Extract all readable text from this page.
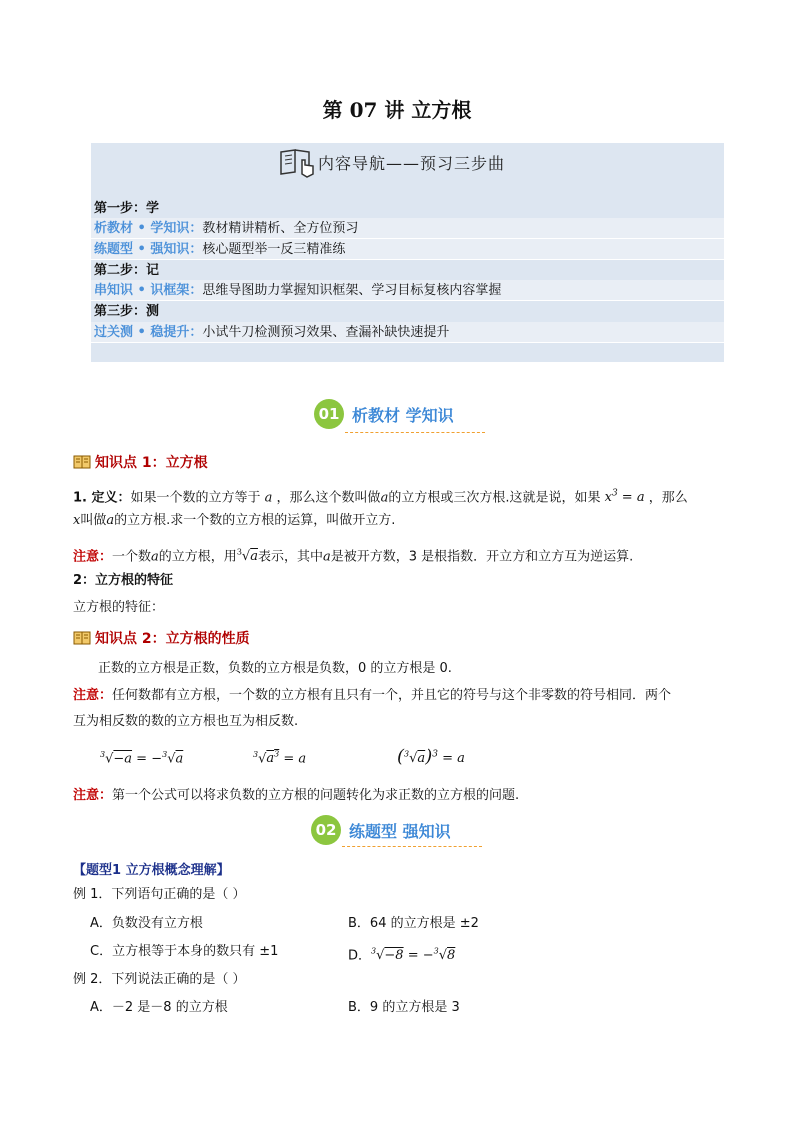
第 07 讲 立方根
内容导航——预习三步曲
第一步：学
析教材 • 学知识：教材精讲精析、全方位预习
练题型 • 强知识：核心题型举一反三精准练
第二步：记
串知识 • 识框架：思维导图助力掌握知识框架、学习目标复核内容掌握
第三步：测
过关测 • 稳提升：小试牛刀检测预习效果、查漏补缺快速提升
01 析教材 学知识
知识点 1：立方根
1. 定义：如果一个数的立方等于 a ，那么这个数叫做a的立方根或三次方根.这就是说，如果 $x^3 = a$ ，那么
x叫做a的立方根.求一个数的立方根的运算，叫做开立方.
注意：一个数a的立方根，用$^3$√a表示，其中a是被开方数，3 是根指数．开立方和立方互为逆运算.
2：立方根的特征
立方根的特征：
知识点 2：立方根的性质
正数的立方根是正数，负数的立方根是负数，0 的立方根是 0.
注意：任何数都有立方根，一个数的立方根有且只有一个，并且它的符号与这个非零数的符号相同．两个
互为相反数的数的立方根也互为相反数.
$^3$√−a = −$^3$√a	$^3√a^3 = a$	$(^3√a)^3 = a$
注意：第一个公式可以将求负数的立方根的问题转化为求正数的立方根的问题.
02 练题型 强知识
【题型1 立方根概念理解】
例 1．下列语句正确的是（ ）
A．负数没有立方根	B．64 的立方根是 ±2
C．立方根等于本身的数只有 ±1	D．$^3$√−8 = −$^3$√8
例 2．下列说法正确的是（ ）
A．－2 是－8 的立方根	B．9 的立方根是 3
